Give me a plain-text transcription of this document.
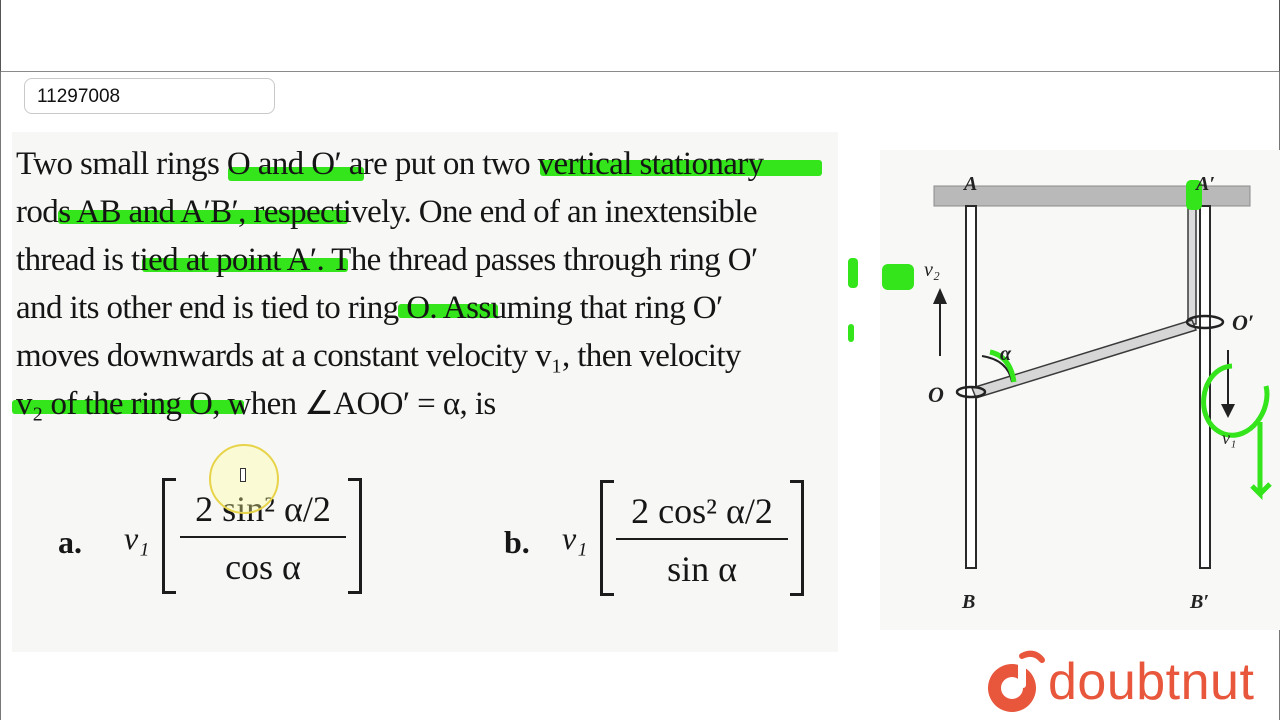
11297008
Two small rings O and O′ are put on two vertical stationary
rods AB and A′B′, respectively. One end of an inextensible
thread is tied at point A′. The thread passes through ring O′
and its other end is tied to ring O. Assuming that ring O′
moves downwards at a constant velocity v₁, then velocity
v₂ of the ring O, when ∠AOO′ = α, is
a. v₁
2 sin² α/2
cos α
b. v₁
2 cos² α/2
sin α
A	A′
B	B′
O
O′
v₂
v₁
α
doubtnut
